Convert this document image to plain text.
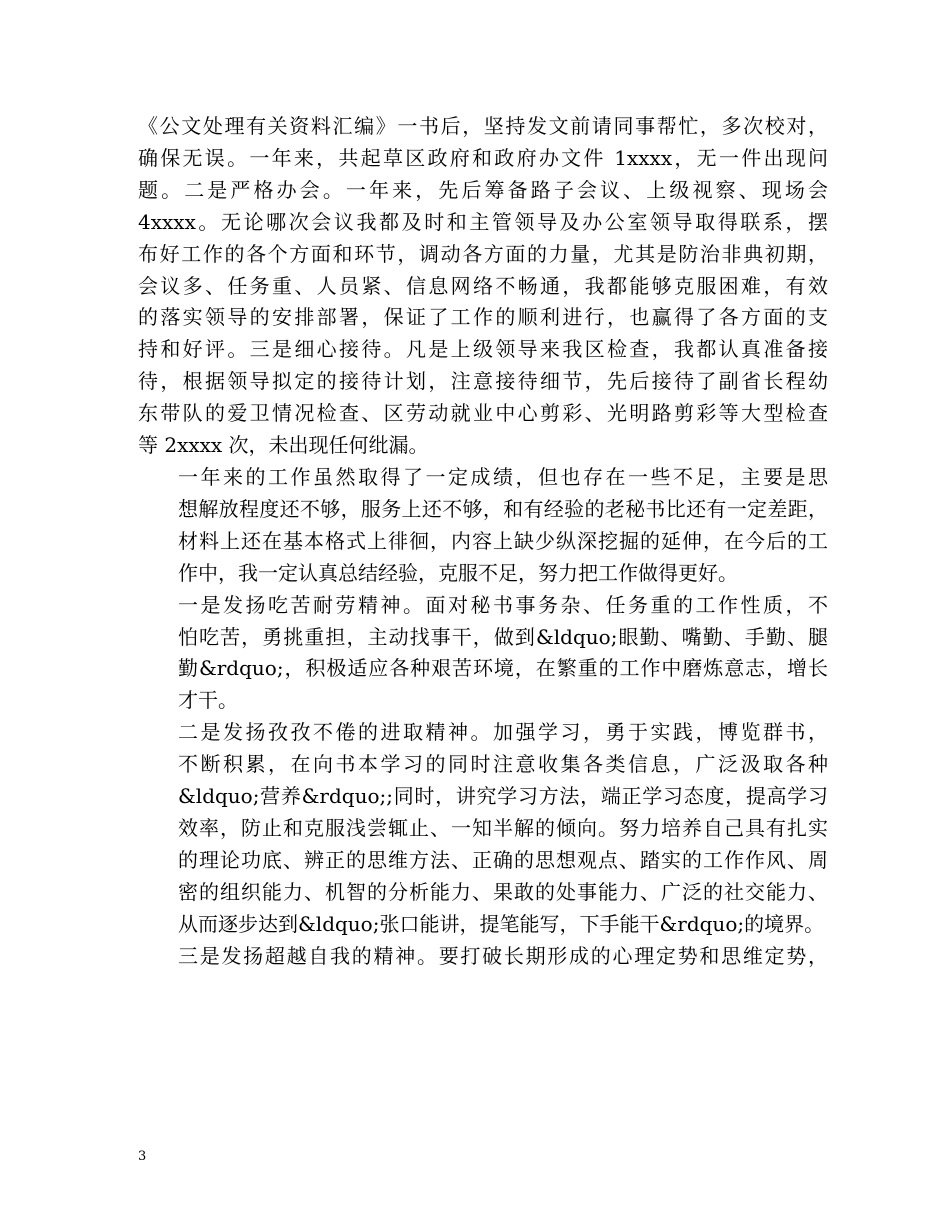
《公文处理有关资料汇编》一书后，坚持发文前请同事帮忙，多次校对，
确保无误。一年来，共起草区政府和政府办文件 1xxxx，无一件出现问
题。二是严格办会。一年来，先后筹备路子会议、上级视察、现场会
4xxxx。无论哪次会议我都及时和主管领导及办公室领导取得联系，摆
布好工作的各个方面和环节，调动各方面的力量，尤其是防治非典初期，
会议多、任务重、人员紧、信息网络不畅通，我都能够克服困难，有效
的落实领导的安排部署，保证了工作的顺利进行，也赢得了各方面的支
持和好评。三是细心接待。凡是上级领导来我区检查，我都认真准备接
待，根据领导拟定的接待计划，注意接待细节，先后接待了副省长程幼
东带队的爱卫情况检查、区劳动就业中心剪彩、光明路剪彩等大型检查
等 2xxxx 次，未出现任何纰漏。

一年来的工作虽然取得了一定成绩，但也存在一些不足，主要是思
想解放程度还不够，服务上还不够，和有经验的老秘书比还有一定差距，
材料上还在基本格式上徘徊，内容上缺少纵深挖掘的延伸，在今后的工
作中，我一定认真总结经验，克服不足，努力把工作做得更好。

一是发扬吃苦耐劳精神。面对秘书事务杂、任务重的工作性质，不
怕吃苦，勇挑重担，主动找事干，做到&ldquo;眼勤、嘴勤、手勤、腿
勤&rdquo;，积极适应各种艰苦环境，在繁重的工作中磨炼意志，增长
才干。

二是发扬孜孜不倦的进取精神。加强学习，勇于实践，博览群书，
不断积累，在向书本学习的同时注意收集各类信息，广泛汲取各种
&ldquo;营养&rdquo;;同时，讲究学习方法，端正学习态度，提高学习
效率，防止和克服浅尝辄止、一知半解的倾向。努力培养自己具有扎实
的理论功底、辨正的思维方法、正确的思想观点、踏实的工作作风、周
密的组织能力、机智的分析能力、果敢的处事能力、广泛的社交能力、
从而逐步达到&ldquo;张口能讲，提笔能写，下手能干&rdquo;的境界。

三是发扬超越自我的精神。要打破长期形成的心理定势和思维定势，

3
